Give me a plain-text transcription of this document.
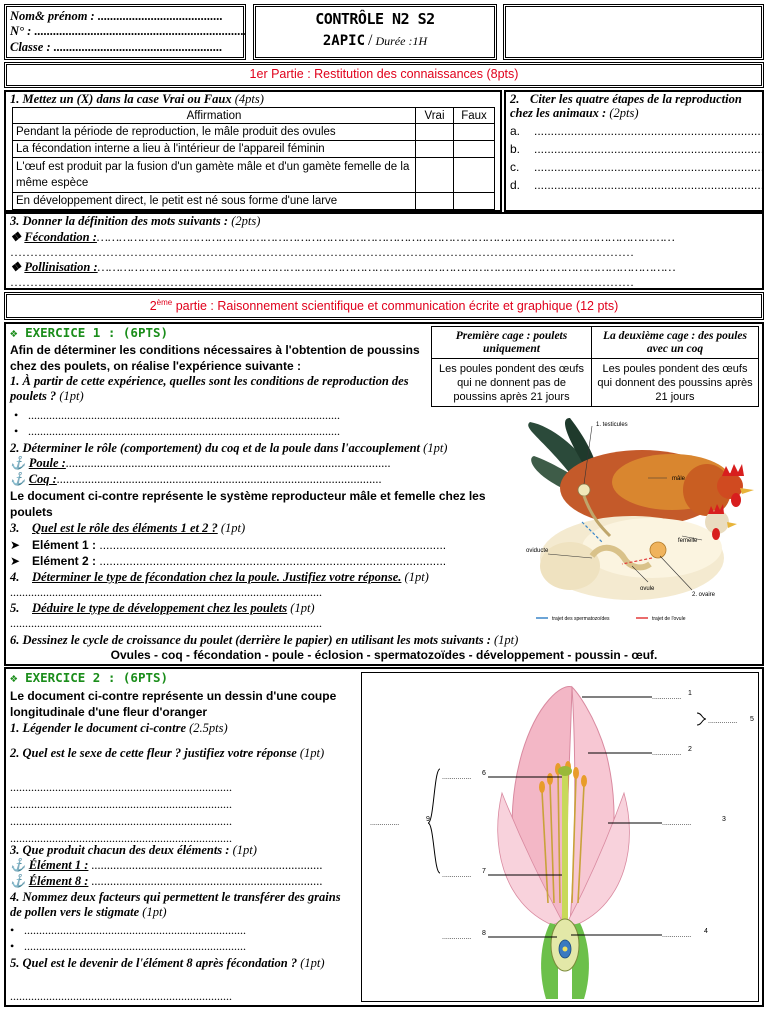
Nom& prénom : ........................................
N° : ....................................................................
Classe : ......................................................
CONTRÔLE N2 S2
2APIC / Durée :1H
1er Partie : Restitution des connaissances (8pts)
1. Mettez un (X) dans la case Vrai ou Faux (4pts)
Affirmation	Vrai	Faux
Pendant la période de reproduction, le mâle produit des ovules		
La fécondation interne a lieu à l'intérieur de l'appareil féminin		
L'œuf est produit par la fusion d'un gamète mâle et d'un gamète femelle de la même espèce		
En développement direct, le petit est né sous forme d'une larve		
2. Citer les quatre étapes de la reproduction chez les animaux : (2pts)
a. .....................................................................
b. .....................................................................
c. .....................................................................
d. .....................................................................
3. Donner la définition des mots suivants : (2pts)
❖ Fécondation :…………………………………………………………………………………………………………………………………………
…………………………………………………………………………………………………………………………………………
❖ Pollinisation :…………………………………………………………………………………………………………………………………………
…………………………………………………………………………………………………………………………………………
2ème partie : Raisonnement scientifique et communication écrite et graphique (12 pts)
❖ EXERCICE 1 : (6PTS)
Afin de déterminer les conditions nécessaires à l'obtention de poussins chez des poulets, on réalise l'expérience suivante :
Première cage : poulets uniquement	La deuxième cage : des poules avec un coq
Les poules pondent des œufs qui ne donnent pas de poussins après 21 jours	Les poules pondent des œufs qui donnent des poussins après 21 jours
1. À partir de cette expérience, quelles sont les conditions de reproduction des poulets ? (1pt)
• ........................................................................................................
• ........................................................................................................
2. Déterminer le rôle (comportement) du coq et de la poule dans l'accouplement (1pt)
⚓ Poule :........................................................................................................
⚓ Coq :........................................................................................................
Le document ci-contre représente le système reproducteur mâle et femelle chez les poulets
3. Quel est le rôle des éléments 1 et 2 ? (1pt)
➤ Elément 1 : ........................................................................................................
➤ Elément 2 : ........................................................................................................
4. Déterminer le type de fécondation chez la poule. Justifiez votre réponse. (1pt)
........................................................................................................
5. Déduire le type de développement chez les poulets (1pt)
........................................................................................................
6. Dessinez le cycle de croissance du poulet (derrière le papier) en utilisant les mots suivants : (1pt)
Ovules - coq - fécondation - poule - éclosion - spermatozoïdes - développement - poussin - œuf.
1. testicules
mâle
femelle
oviducte
ovule
2. ovaire
trajet des spermatozoïdes	trajet de l'ovule
❖ EXERCICE 2 : (6PTS)
Le document ci-contre représente un dessin d'une coupe longitudinale d'une fleur d'oranger
1. Légender le document ci-contre (2.5pts)
2. Quel est le sexe de cette fleur ? justifiez votre réponse (1pt)
..........................................................................
..........................................................................
..........................................................................
..........................................................................
3. Que produit chacun des deux éléments : (1pt)
⚓ Élément 1 : ..........................................................................
⚓ Élément 8 : ..........................................................................
4. Nommez deux facteurs qui permettent le transférer des grains de pollen vers le stigmate (1pt)
• ..........................................................................
• ..........................................................................
5. Quel est le devenir de l'élément 8 après fécondation ? (1pt)
..........................................................................
...............
1
...............
2
...............
3
...............
4
............... 5
...............
6
...............
7
...............
8
...............
9
